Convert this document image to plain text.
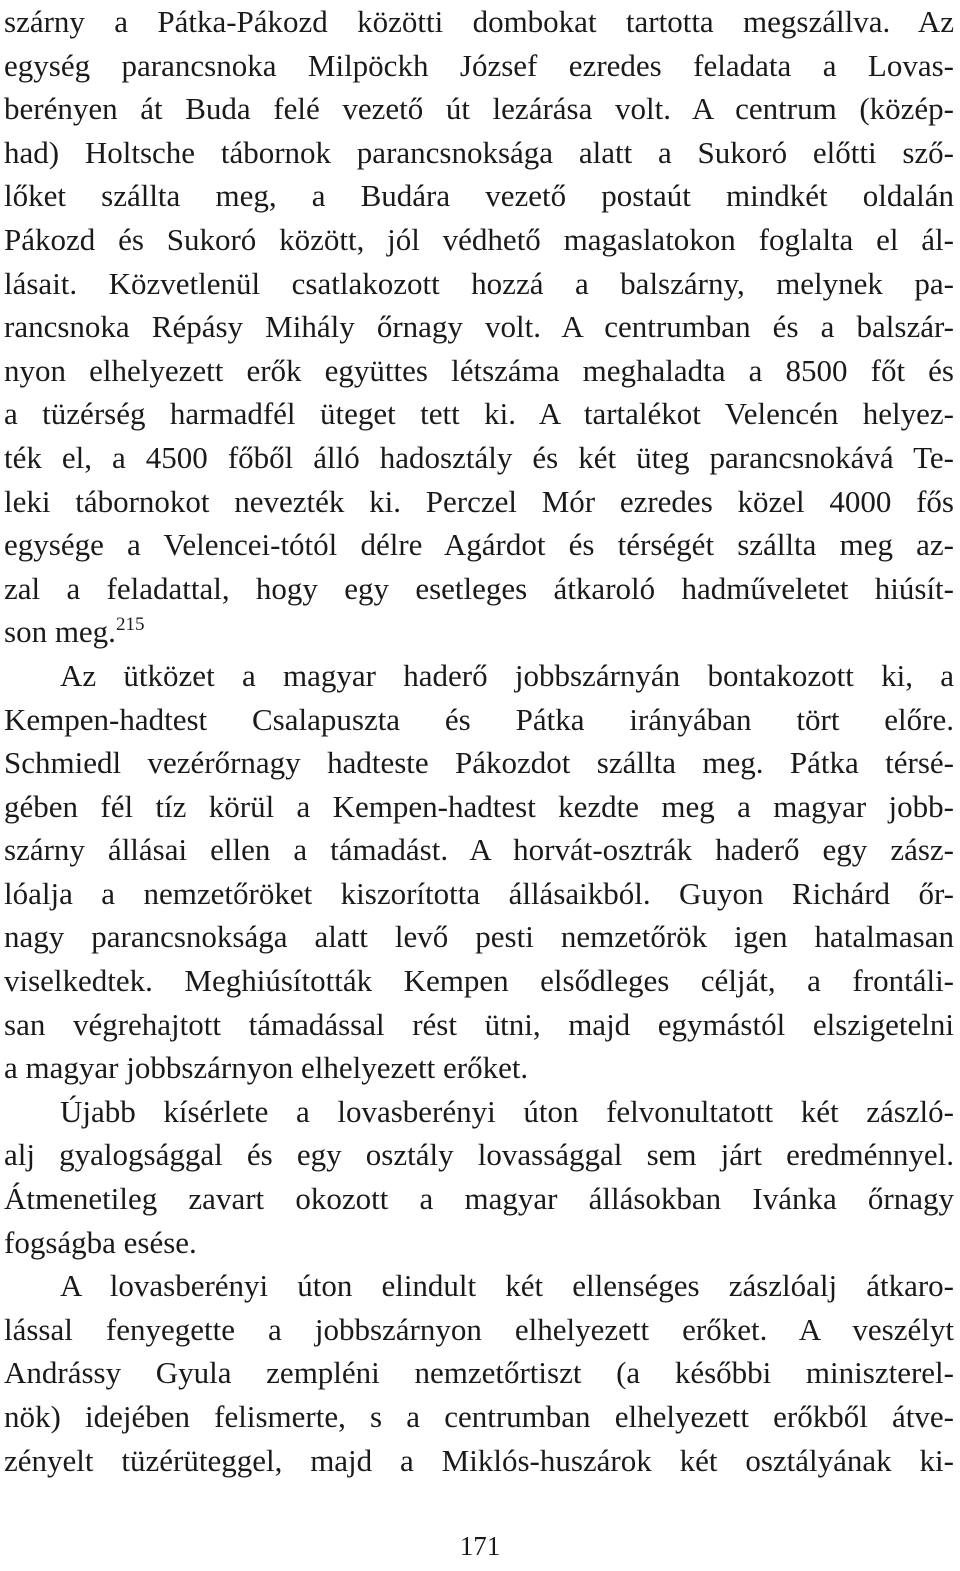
szárny a Pátka-Pákozd közötti dombokat tartotta megszállva. Az
egység parancsnoka Milpöckh József ezredes feladata a Lovas-
berényen át Buda felé vezető út lezárása volt. A centrum (közép-
had) Holtsche tábornok parancsnoksága alatt a Sukoró előtti sző-
lőket szállta meg, a Budára vezető postaút mindkét oldalán
Pákozd és Sukoró között, jól védhető magaslatokon foglalta el ál-
lásait. Közvetlenül csatlakozott hozzá a balszárny, melynek pa-
rancsnoka Répásy Mihály őrnagy volt. A centrumban és a balszár-
nyon elhelyezett erők együttes létszáma meghaladta a 8500 főt és
a tüzérség harmadfél üteget tett ki. A tartalékot Velencén helyez-
ték el, a 4500 főből álló hadosztály és két üteg parancsnokává Te-
leki tábornokot nevezték ki. Perczel Mór ezredes közel 4000 fős
egysége a Velencei-tótól délre Agárdot és térségét szállta meg az-
zal a feladattal, hogy egy esetleges átkaroló hadműveletet hiúsít-
son meg.$^{215}$
Az ütközet a magyar haderő jobbszárnyán bontakozott ki, a
Kempen-hadtest Csalapuszta és Pátka irányában tört előre.
Schmiedl vezérőrnagy hadteste Pákozdot szállta meg. Pátka térsé-
gében fél tíz körül a Kempen-hadtest kezdte meg a magyar jobb-
szárny állásai ellen a támadást. A horvát-osztrák haderő egy zász-
lóalja a nemzetőröket kiszorította állásaikból. Guyon Richárd őr-
nagy parancsnoksága alatt levő pesti nemzetőrök igen hatalmasan
viselkedtek. Meghiúsították Kempen elsődleges célját, a frontáli-
san végrehajtott támadással rést ütni, majd egymástól elszigetelni
a magyar jobbszárnyon elhelyezett erőket.
Újabb kísérlete a lovasberényi úton felvonultatott két zászló-
alj gyalogsággal és egy osztály lovassággal sem járt eredménnyel.
Átmenetileg zavart okozott a magyar állásokban Ivánka őrnagy
fogságba esése.
A lovasberényi úton elindult két ellenséges zászlóalj átkaro-
lással fenyegette a jobbszárnyon elhelyezett erőket. A veszélyt
Andrássy Gyula zempléni nemzetőrtiszt (a későbbi miniszterel-
nök) idejében felismerte, s a centrumban elhelyezett erőkből átve-
zényelt tüzérüteggel, majd a Miklós-huszárok két osztályának ki-
171
